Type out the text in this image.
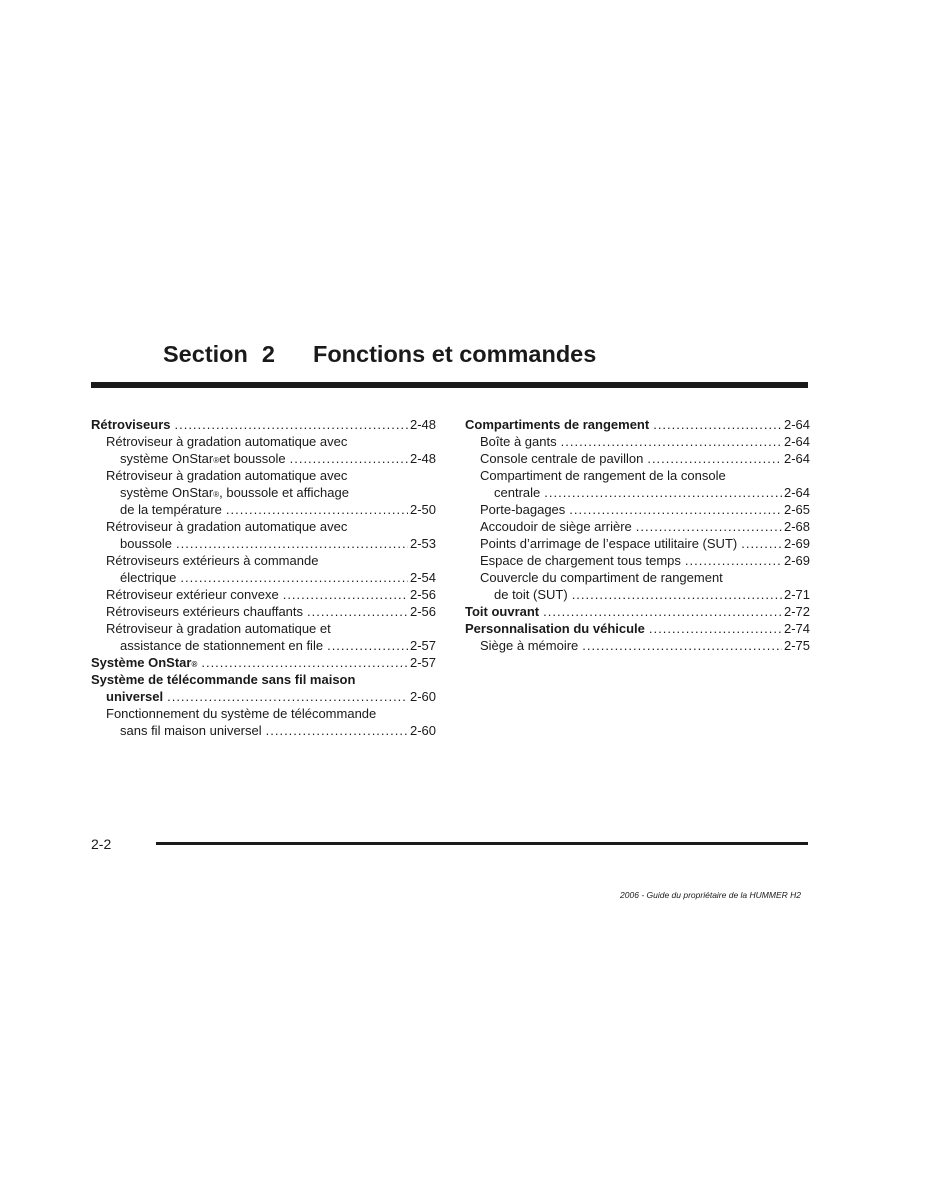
Section 2 Fonctions et commandes
Rétroviseurs .....	2-48
Rétroviseur à gradation automatique avec
système OnStar ® et boussole .....	2-48
Rétroviseur à gradation automatique avec
système OnStar ® , boussole et affichage
de la température .....	2-50
Rétroviseur à gradation automatique avec
boussole .....	2-53
Rétroviseurs extérieurs à commande
électrique .....	2-54
Rétroviseur extérieur convexe .....	2-56
Rétroviseurs extérieurs chauffants .....	2-56
Rétroviseur à gradation automatique et
assistance de stationnement en file .....	2-57
Système OnStar ® .....	2-57
Système de télécommande sans fil maison
universel .....	2-60
Fonctionnement du système de télécommande
sans fil maison universel .....	2-60
Compartiments de rangement .....	2-64
Boîte à gants .....	2-64
Console centrale de pavillon .....	2-64
Compartiment de rangement de la console
centrale .....	2-64
Porte-bagages .....	2-65
Accoudoir de siège arrière .....	2-68
Points d’arrimage de l’espace utilitaire (SUT) .....	2-69
Espace de chargement tous temps .....	2-69
Couvercle du compartiment de rangement
de toit (SUT) .....	2-71
Toit ouvrant .....	2-72
Personnalisation du véhicule .....	2-74
Siège à mémoire .....	2-75
2-2
2006 - Guide du propriétaire de la HUMMER H2
